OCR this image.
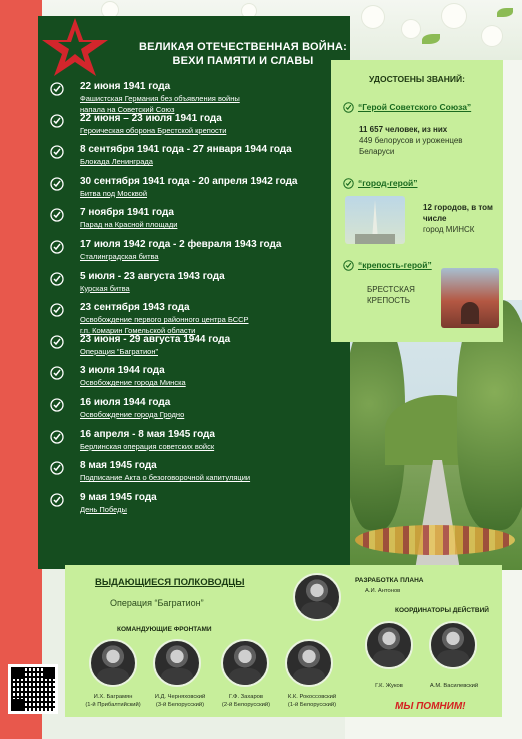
ВЕЛИКАЯ ОТЕЧЕСТВЕННАЯ ВОЙНА:
ВЕХИ ПАМЯТИ И СЛАВЫ
22 июня 1941 года
Фашистская Германия без объявления войны
напала на Советский Союз
22 июня – 23 июля 1941 года
Героическая оборона Брестской крепости
8 сентября 1941 года - 27 января 1944 года
Блокада Ленинграда
30 сентября 1941 года - 20 апреля 1942 года
Битва под Москвой
7 ноября 1941 года
Парад на Красной площади
17 июля 1942 года - 2 февраля 1943 года
Сталинградская битва
5 июля - 23 августа 1943 года
Курская битва
23 сентября 1943 года
Освобождение первого районного центра БССР
г.п. Комарин Гомельской области
23 июня - 29 августа 1944 года
Операция “Багратион”
3 июля 1944 года
Освобождение города Минска
16 июля 1944 года
Освобождение города Гродно
16 апреля - 8 мая 1945 года
Берлинская операция советских войск
8 мая 1945 года
Подписание Акта о безоговорочной капитуляции
9 мая 1945 года
День Победы
УДОСТОЕНЫ ЗВАНИЙ:
“Герой Советского Союза”
11 657 человек, из них
449 белорусов и уроженцев Беларуси
“город-герой”
12 городов, в том числе
город МИНСК
“крепость-герой”
БРЕСТСКАЯ КРЕПОСТЬ
ВЫДАЮЩИЕСЯ ПОЛКОВОДЦЫ
Операция “Багратион”
КОМАНДУЮЩИЕ ФРОНТАМИ
РАЗРАБОТКА ПЛАНА
А.И. Антонов
КООРДИНАТОРЫ ДЕЙСТВИЙ
И.Х. Баграмян
(1-й Прибалтийский)
И.Д. Черняховский
(3-й Белорусский)
Г.Ф. Захаров
(2-й Белорусский)
К.К. Рокоссовский
(1-й Белорусский)
Г.К. Жуков	А.М. Василевский
МЫ ПОМНИМ!
